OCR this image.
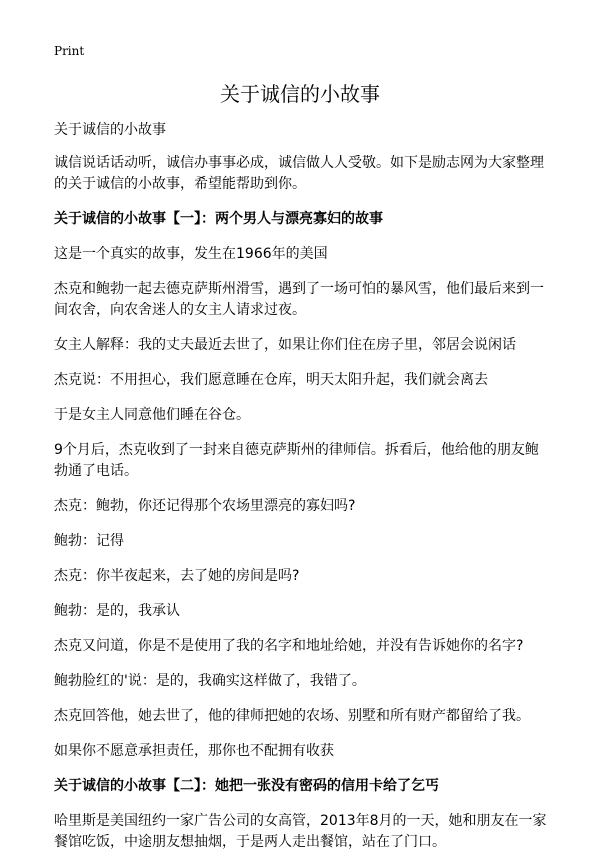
Print
关于诚信的小故事

关于诚信的小故事

诚信说话话动听，诚信办事事必成，诚信做人人受敬。如下是励志网为大家整理的关于诚信的小故事，希望能帮助到你。

关于诚信的小故事【一】：两个男人与漂亮寡妇的故事

这是一个真实的故事，发生在1966年的美国

杰克和鲍勃一起去德克萨斯州滑雪，遇到了一场可怕的暴风雪，他们最后来到一间农舍，向农舍迷人的女主人请求过夜。

女主人解释：我的丈夫最近去世了，如果让你们住在房子里，邻居会说闲话

杰克说：不用担心，我们愿意睡在仓库，明天太阳升起，我们就会离去

于是女主人同意他们睡在谷仓。

9个月后，杰克收到了一封来自德克萨斯州的律师信。拆看后，他给他的朋友鲍勃通了电话。

杰克：鲍勃，你还记得那个农场里漂亮的寡妇吗?

鲍勃：记得

杰克：你半夜起来，去了她的房间是吗?

鲍勃：是的，我承认

杰克又问道，你是不是使用了我的名字和地址给她，并没有告诉她你的名字?

鲍勃脸红的'说：是的，我确实这样做了，我错了。

杰克回答他，她去世了，他的律师把她的农场、别墅和所有财产都留给了我。

如果你不愿意承担责任，那你也不配拥有收获

关于诚信的小故事【二】：她把一张没有密码的信用卡给了乞丐

哈里斯是美国纽约一家广告公司的女高管，2013年8月的一天，她和朋友在一家餐馆吃饭，中途朋友想抽烟，于是两人走出餐馆，站在了门口。
